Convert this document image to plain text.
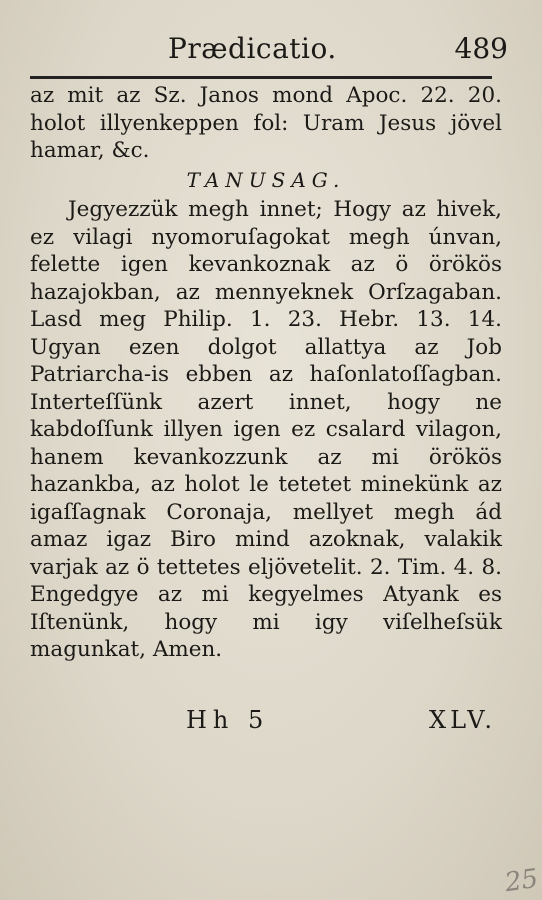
Prædicatio.	489

az mit az Sz. Janos mond Apoc. 22. 20. holot illyenkeppen fol: Uram Jesus jövel hamar, &c.

TANUSAG.

Jegyezzük megh innet; Hogy az hivek, ez vilagi nyomoruſagokat megh únvan, felette igen kevankoznak az ö örökös hazajokban, az mennyeknek Orſzagaban. Lasd meg Philip. 1. 23. Hebr. 13. 14. Ugyan ezen dolgot allattya az Job Patriarcha-is ebben az haſonlatoſſagban. Interteſſünk azert innet, hogy ne kabdoſſunk illyen igen ez csalard vilagon, hanem kevankozzunk az mi örökös hazankba, az holot le tetetet minekünk az igaſſagnak Coronaja, mellyet megh ád amaz igaz Biro mind azoknak, valakik varjak az ö tettetes eljövetelit. 2. Tim. 4. 8. Engedgye az mi kegyelmes Atyank es Iſtenünk, hogy mi igy viſelheſsük magunkat, Amen.

Hh 5	XLV.
25
